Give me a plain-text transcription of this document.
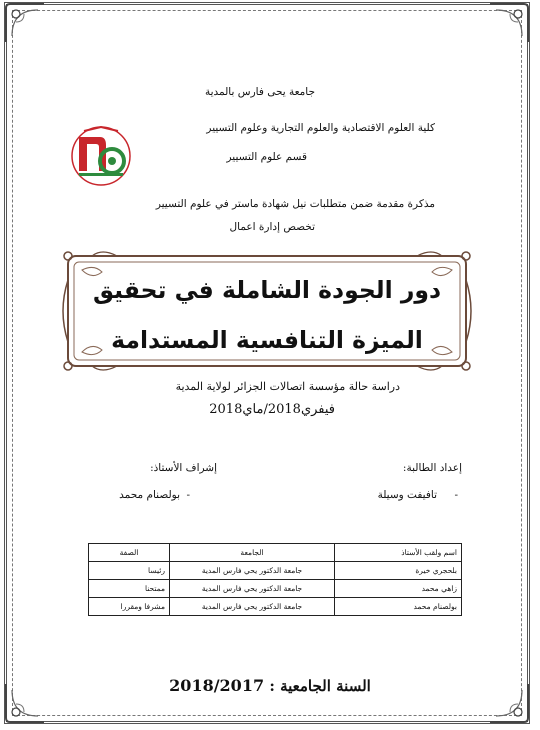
جامعة يحى فارس بالمدية
كلية العلوم الاقتصادية والعلوم التجارية وعلوم التسيير
قسم علوم التسيير
مذكرة مقدمة ضمن متطلبات نيل شهادة ماستر في علوم التسيير
تخصص إدارة اعمال
دور الجودة الشاملة في تحقيق
الميزة التنافسية المستدامة
دراسة حالة مؤسسة اتصالات الجزائر لولاية المدية
فيفري2018/ماي2018
إعداد الطالبة:
-
تافيفت وسيلة
إشراف الأستاذ:
-
بولصنام محمد
اسم ولقب الأستاذ	الجامعة	الصفة
بلحجري خيرة	جامعة الدكتور يحي فارس المدية	رئيسا
زاهي محمد	جامعة الدكتور يحي فارس المدية	ممتحنا
بولصنام محمد	جامعة الدكتور يحي فارس المدية	مشرفا ومقررا
السنة الجامعية : 2018/2017
